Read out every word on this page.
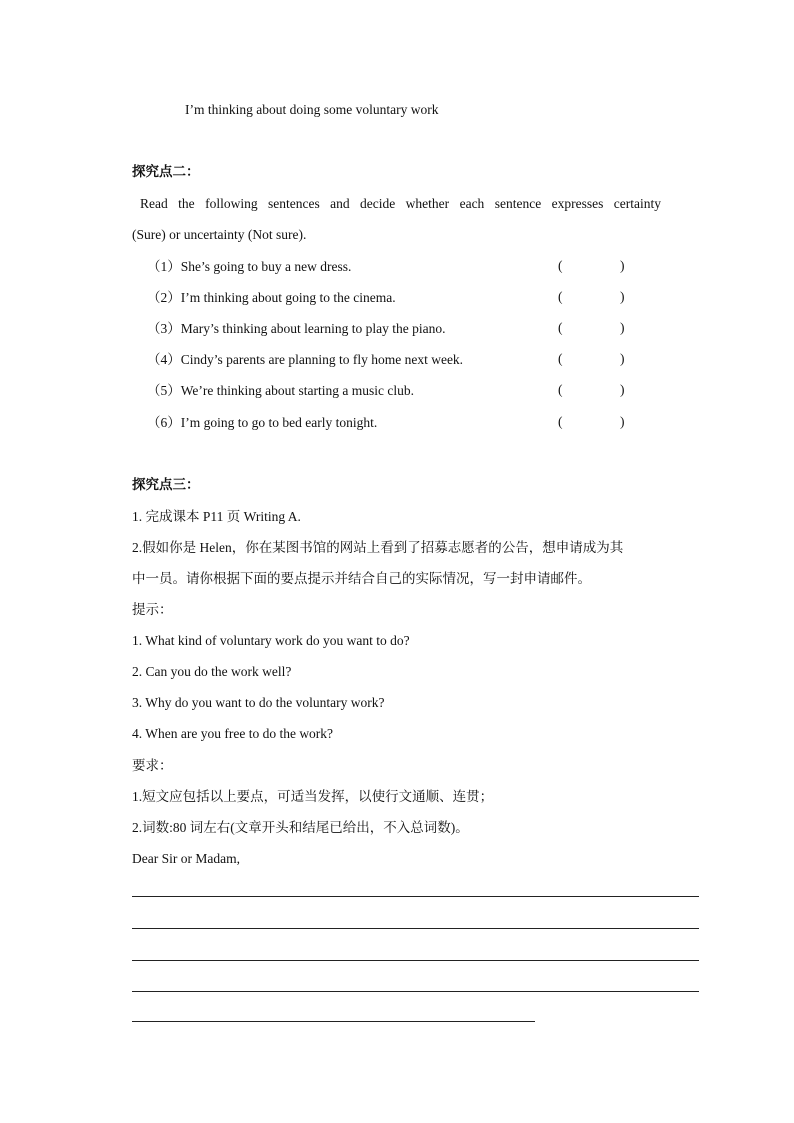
I’m thinking about doing some voluntary work
探究点二：
Read the following sentences and decide whether each sentence expresses certainty
(Sure) or uncertainty (Not sure).
（1）She’s going to buy a new dress.	(	)
（2）I’m thinking about going to the cinema.	(	)
（3）Mary’s thinking about learning to play the piano.	(	)
（4）Cindy’s parents are planning to fly home next week.	(	)
（5）We’re thinking about starting a music club.	(	)
（6）I’m going to go to bed early tonight.	(	)
探究点三：
1. 完成课本 P11 页 Writing A.
2.假如你是 Helen，你在某图书馆的网站上看到了招募志愿者的公告，想申请成为其
中一员。请你根据下面的要点提示并结合自己的实际情况，写一封申请邮件。
提示：
1. What kind of voluntary work do you want to do?
2. Can you do the work well?
3. Why do you want to do the voluntary work?
4. When are you free to do the work?
要求：
1.短文应包括以上要点，可适当发挥，以使行文通顺、连贯；
2.词数:80 词左右(文章开头和结尾已给出，不入总词数)。
Dear Sir or Madam,
